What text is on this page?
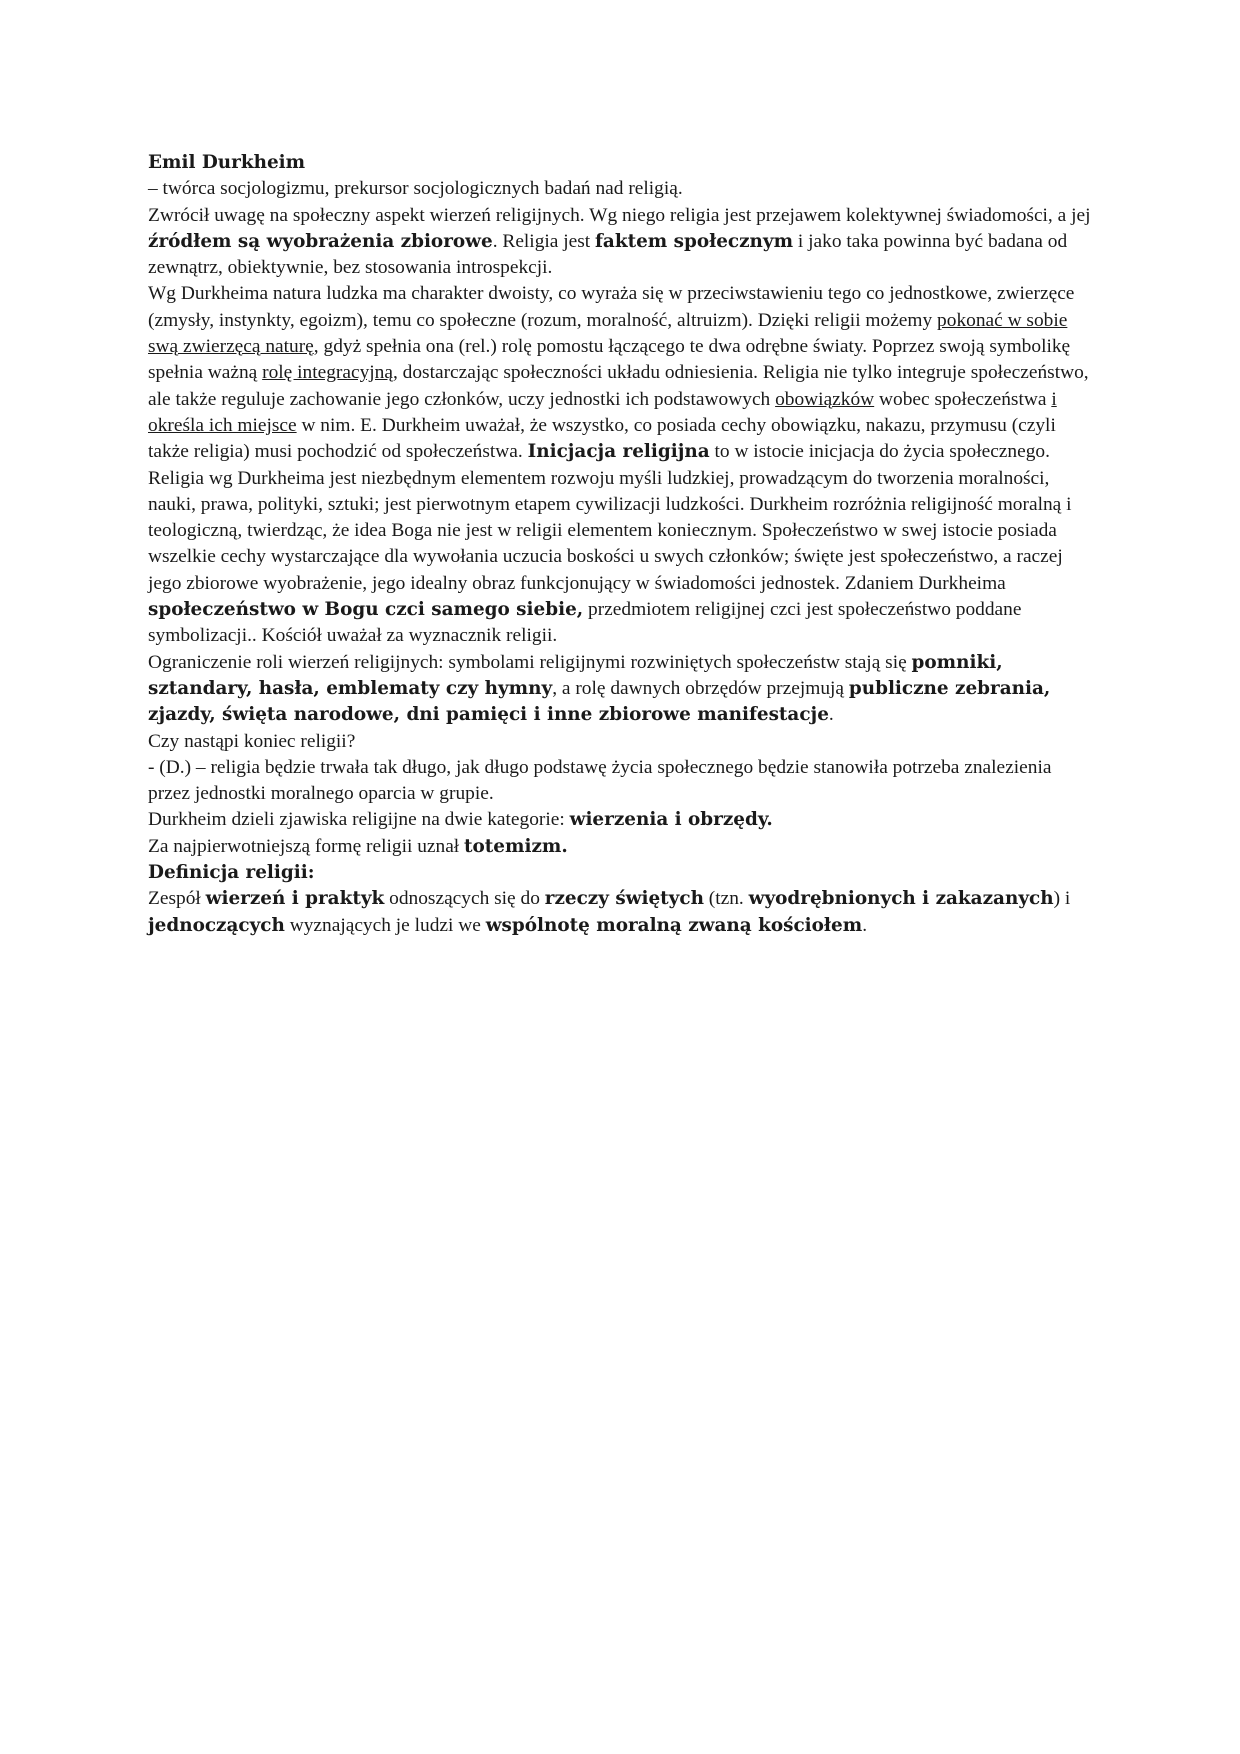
Emil Durkheim

– twórca socjologizmu, prekursor socjologicznych badań nad religią.

Zwrócił uwagę na społeczny aspekt wierzeń religijnych. Wg niego religia jest przejawem kolektywnej świadomości, a jej źródłem są wyobrażenia zbiorowe. Religia jest faktem społecznym i jako taka powinna być badana od zewnątrz, obiektywnie, bez stosowania introspekcji.

Wg Durkheima natura ludzka ma charakter dwoisty, co wyraża się w przeciwstawieniu tego co jednostkowe, zwierzęce (zmysły, instynkty, egoizm), temu co społeczne (rozum, moralność, altruizm). Dzięki religii możemy pokonać w sobie swą zwierzęcą naturę, gdyż spełnia ona (rel.) rolę pomostu łączącego te dwa odrębne światy. Poprzez swoją symbolikę spełnia ważną rolę integracyjną, dostarczając społeczności układu odniesienia. Religia nie tylko integruje społeczeństwo, ale także reguluje zachowanie jego członków, uczy jednostki ich podstawowych obowiązków wobec społeczeństwa i określa ich miejsce w nim. E. Durkheim uważał, że wszystko, co posiada cechy obowiązku, nakazu, przymusu (czyli także religia) musi pochodzić od społeczeństwa. Inicjacja religijna to w istocie inicjacja do życia społecznego.

Religia wg Durkheima jest niezbędnym elementem rozwoju myśli ludzkiej, prowadzącym do tworzenia moralności, nauki, prawa, polityki, sztuki; jest pierwotnym etapem cywilizacji ludzkości. Durkheim rozróżnia religijność moralną i teologiczną, twierdząc, że idea Boga nie jest w religii elementem koniecznym. Społeczeństwo w swej istocie posiada wszelkie cechy wystarczające dla wywołania uczucia boskości u swych członków; święte jest społeczeństwo, a raczej jego zbiorowe wyobrażenie, jego idealny obraz funkcjonujący w świadomości jednostek. Zdaniem Durkheima społeczeństwo w Bogu czci samego siebie, przedmiotem religijnej czci jest społeczeństwo poddane symbolizacji.. Kościół uważał za wyznacznik religii.

Ograniczenie roli wierzeń religijnych: symbolami religijnymi rozwiniętych społeczeństw stają się pomniki, sztandary, hasła, emblematy czy hymny, a rolę dawnych obrzędów przejmują publiczne zebrania, zjazdy, święta narodowe, dni pamięci i inne zbiorowe manifestacje.

Czy nastąpi koniec religii?

- (D.) – religia będzie trwała tak długo, jak długo podstawę życia społecznego będzie stanowiła potrzeba znalezienia przez jednostki moralnego oparcia w grupie.

Durkheim dzieli zjawiska religijne na dwie kategorie: wierzenia i obrzędy.

Za najpierwotniejszą formę religii uznał totemizm.

Definicja religii:

Zespół wierzeń i praktyk odnoszących się do rzeczy świętych (tzn. wyodrębnionych i zakazanych) i jednoczących wyznających je ludzi we wspólnotę moralną zwaną kościołem.
